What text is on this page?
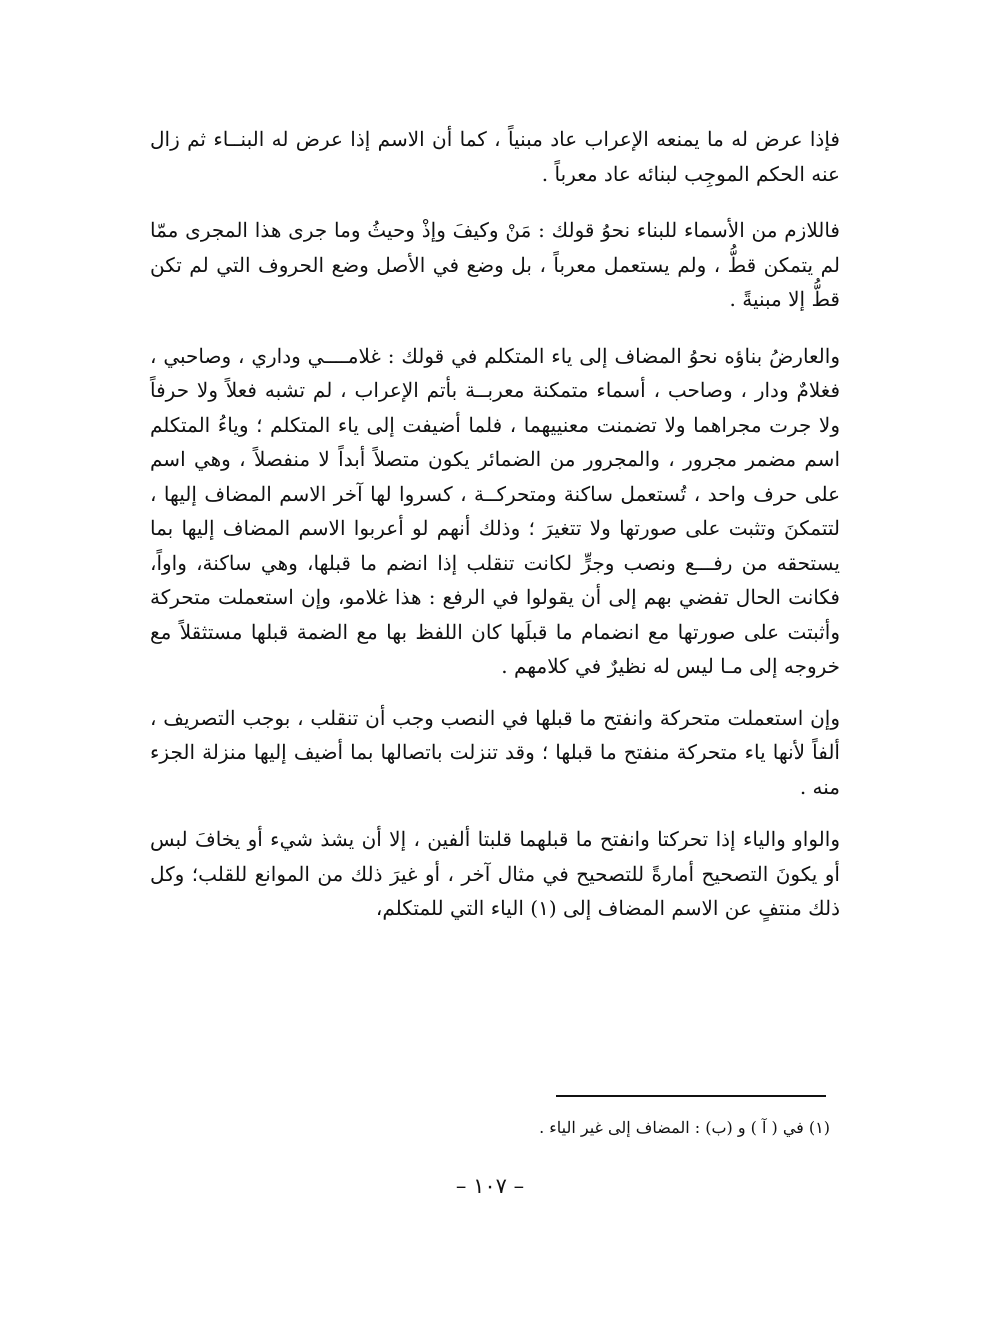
فإذا عرض له ما يمنعه الإعراب عاد مبنياً ، كما أن الاسم إذا عرض له البنــاء ثم زال عنه الحكم الموجِب لبنائه عاد معرباً .

فاللازم من الأسماء للبناء نحوُ قولك : مَنْ وكيفَ وإذْ وحيثُ وما جرى هذا المجرى ممّا لم يتمكن قطُّ ، ولم يستعمل معرباً ، بل وضع في الأصل وضع الحروف التي لم تكن قطُّ إلا مبنيةً .

والعارضُ بناؤه نحوُ المضاف إلى ياء المتكلم في قولك : غلامــــي وداري ، وصاحبي ، فغلامٌ ودار ، وصاحب ، أسماء متمكنة معربــة بأتم الإعراب ، لم تشبه فعلاً ولا حرفاً ولا جرت مجراهما ولا تضمنت معنييهما ، فلما أضيفت إلى ياء المتكلم ؛ وياءُ المتكلم اسم مضمر مجرور ، والمجرور من الضمائر يكون متصلاً أبداً لا منفصلاً ، وهي اسم على حرف واحد ، تُستعمل ساكنة ومتحركــة ، كسروا لها آخر الاسم المضاف إليها ، لتتمكنَ وتثبت على صورتها ولا تتغيرَ ؛ وذلك أنهم لو أعربوا الاسم المضاف إليها بما يستحقه من رفـــع ونصب وجرٍّ لكانت تنقلب إذا انضم ما قبلها، وهي ساكنة، واواً، فكانت الحال تفضي بهم إلى أن يقولوا في الرفع : هذا غلامو، وإن استعملت متحركة وأثبتت على صورتها مع انضمام ما قبلَها كان اللفظ بها مع الضمة قبلها مستثقلاً مع خروجه إلى مـا ليس له نظيرٌ في كلامهم .

وإن استعملت متحركة وانفتح ما قبلها في النصب وجب أن تنقلب ، بوجب التصريف ، ألفاً لأنها ياء متحركة منفتح ما قبلها ؛ وقد تنزلت باتصالها بما أضيف إليها منزلة الجزء منه .

والواو والياء إذا تحركتا وانفتح ما قبلهما قلبتا ألفين ، إلا أن يشذ شيء أو يخافَ لبس أو يكونَ التصحيح أمارةً للتصحيح في مثال آخر ، أو غيرَ ذلك من الموانع للقلب؛ وكل ذلك منتفٍ عن الاسم المضاف إلى (١) الياء التي للمتكلم،

(١) في ( آ ) و (ب) : المضاف إلى غير الياء .
– ١٠٧ –
